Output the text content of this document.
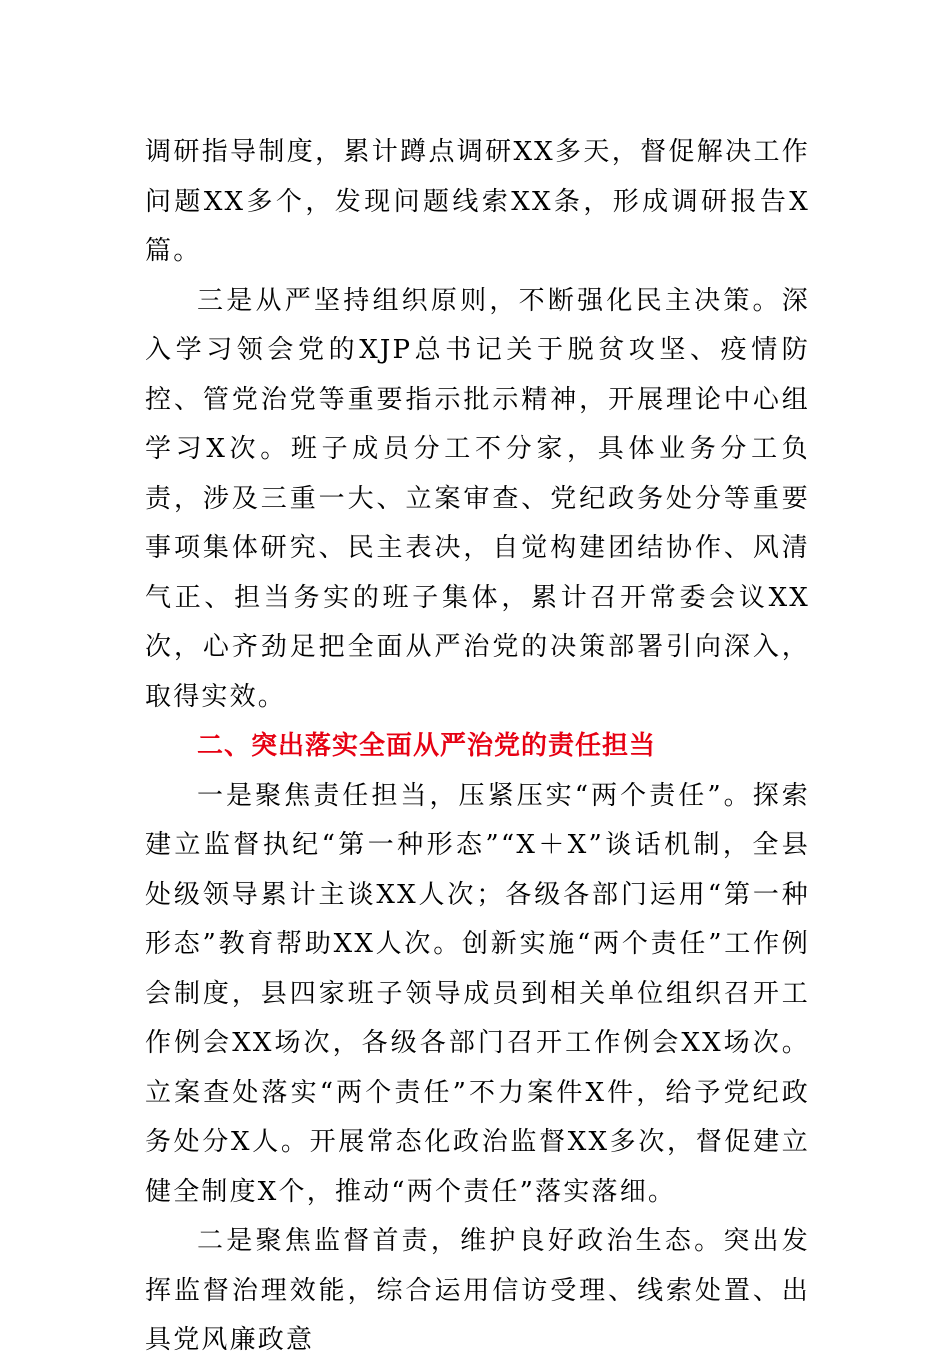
调研指导制度，累计蹲点调研XX多天，督促解决工作问题XX多个，发现问题线索XX条，形成调研报告X篇。

三是从严坚持组织原则，不断强化民主决策。深入学习领会党的XJP总书记关于脱贫攻坚、疫情防控、管党治党等重要指示批示精神，开展理论中心组学习X次。班子成员分工不分家，具体业务分工负责，涉及三重一大、立案审查、党纪政务处分等重要事项集体研究、民主表决，自觉构建团结协作、风清气正、担当务实的班子集体，累计召开常委会议XX次，心齐劲足把全面从严治党的决策部署引向深入，取得实效。

二、突出落实全面从严治党的责任担当

一是聚焦责任担当，压紧压实“两个责任”。探索建立监督执纪“第一种形态”“X＋X”谈话机制，全县处级领导累计主谈XX人次；各级各部门运用“第一种形态”教育帮助XX人次。创新实施“两个责任”工作例会制度，县四家班子领导成员到相关单位组织召开工作例会XX场次，各级各部门召开工作例会XX场次。立案查处落实“两个责任”不力案件X件，给予党纪政务处分X人。开展常态化政治监督XX多次，督促建立健全制度X个，推动“两个责任”落实落细。

二是聚焦监督首责，维护良好政治生态。突出发挥监督治理效能，综合运用信访受理、线索处置、出具党风廉政意
